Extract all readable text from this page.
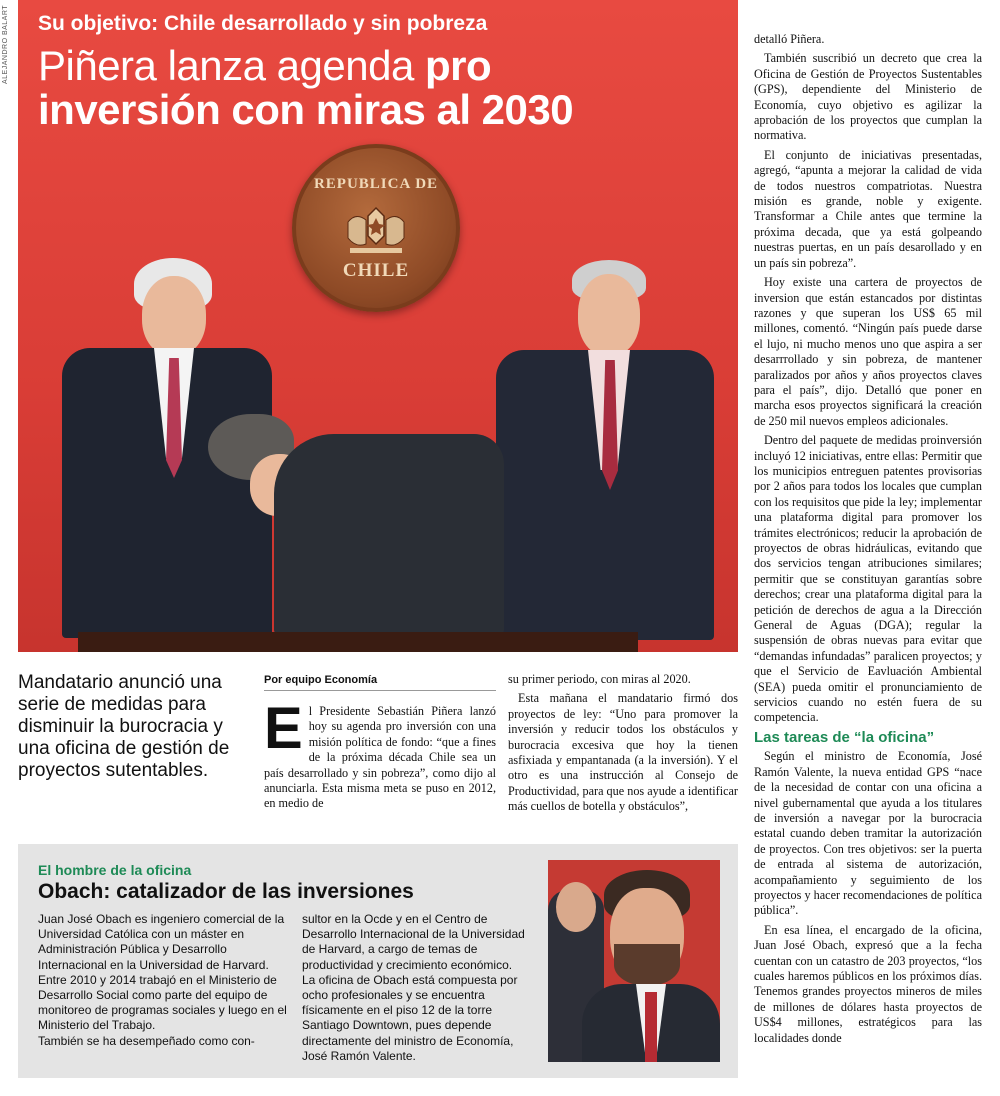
ALEJANDRO BALART Su objetivo: Chile desarrollado y sin pobreza
Piñera lanza agenda pro
inversión con miras al 2030
REPUBLICA DE
CHILE
Mandatario anunció una serie de medidas para disminuir la burocracia y una oficina de gestión de proyectos sutentables.
Por equipo Economía

El Presidente Sebastián Piñera lanzó hoy su agenda pro inversión con una misión política de fondo: “que a fines de la próxima década Chile sea un país desarrollado y sin pobreza”, como dijo al anunciarla. Esta misma meta se puso en 2012, en medio de

su primer periodo, con miras al 2020.

Esta mañana el mandatario firmó dos proyectos de ley: “Uno para promover la inversión y reducir todos los obstáculos y burocracia excesiva que hoy la tienen asfixiada y empantanada (a la inversión). Y el otro es una instrucción al Consejo de Productividad, para que nos ayude a identificar más cuellos de botella y obstáculos”,

detalló Piñera.

También suscribió un decreto que crea la Oficina de Gestión de Proyectos Sustentables (GPS), dependiente del Ministerio de Economía, cuyo objetivo es agilizar la aprobación de los proyectos que cumplan la normativa.

El conjunto de iniciativas presentadas, agregó, “apunta a mejorar la calidad de vida de todos nuestros compatriotas. Nuestra misión es grande, noble y exigente. Transformar a Chile antes que termine la próxima decada, que ya está golpeando nuestras puertas, en un país desarollado y en un país sin pobreza”.

Hoy existe una cartera de proyectos de inversion que están estancados por distintas razones y que superan los US$ 65 mil millones, comentó. “Ningún país puede darse el lujo, ni mucho menos uno que aspira a ser desarrrollado y sin pobreza, de mantener paralizados por años y años proyectos claves para el país”, dijo. Detalló que poner en marcha esos proyectos significará la creación de 250 mil nuevos empleos adicionales.

Dentro del paquete de medidas proinversión incluyó 12 iniciativas, entre ellas: Permitir que los municipios entreguen patentes provisorias por 2 años para todos los locales que cumplan con los requisitos que pide la ley; implementar una plataforma digital para promover los trámites electrónicos; reducir la aprobación de proyectos de obras hidráulicas, evitando que dos servicios tengan atribuciones similares; permitir que se constituyan garantías sobre derechos; crear una plataforma digital para la petición de derechos de agua a la Dirección General de Aguas (DGA); regular la suspensión de obras nuevas para evitar que “demandas infundadas” paralicen proyectos; y que el Servicio de Eavluación Ambiental (SEA) pueda omitir el pronunciamiento de servicios cuando no estén fuera de su competencia.

Las tareas de “la oficina”

Según el ministro de Economía, José Ramón Valente, la nueva entidad GPS “nace de la necesidad de contar con una oficina a nivel gubernamental que ayuda a los titulares de inversión a navegar por la burocracia estatal cuando deben tramitar la autorización de proyectos. Con tres objetivos: ser la puerta de entrada al sistema de autorización, acompañamiento y seguimiento de los proyectos y hacer recomendaciones de política pública”.

En esa línea, el encargado de la oficina, Juan José Obach, expresó que a la fecha cuentan con un catastro de 203 proyectos, “los cuales haremos públicos en los próximos días. Tenemos grandes proyectos mineros de miles de millones de dólares hasta proyectos de US$4 millones, estratégicos para las localidades donde

El hombre de la oficina
Obach: catalizador de las inversiones

Juan José Obach es ingeniero comercial de la Universidad Católica con un máster en Administración Pública y Desarrollo Internacional en la Universidad de Harvard.

Entre 2010 y 2014 trabajó en el Ministerio de Desarrollo Social como parte del equipo de monitoreo de programas sociales y luego en el Ministerio del Trabajo.

También se ha desempeñado como con-

sultor en la Ocde y en el Centro de Desarrollo Internacional de la Universidad de Harvard, a cargo de temas de productividad y crecimiento económico.

La oficina de Obach está compuesta por ocho profesionales y se encuentra físicamente en el piso 12 de la torre Santiago Downtown, pues depende directamente del ministro de Economía, José Ramón Valente.
